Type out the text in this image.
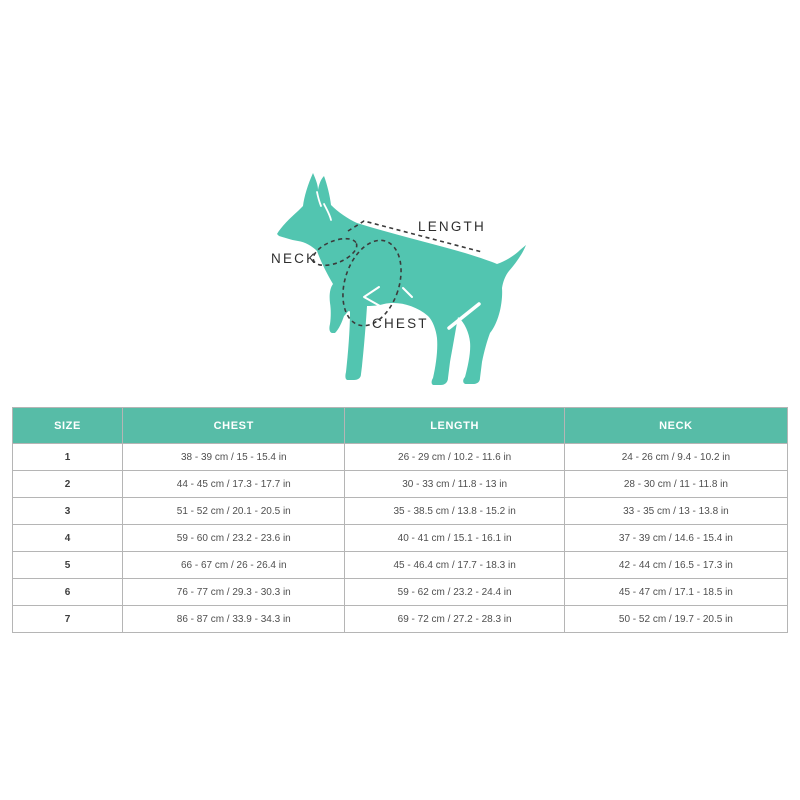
LENGTH
NECK
CHEST
SIZE	CHEST	LENGTH	NECK
1	38 - 39 cm / 15 - 15.4 in	26 - 29 cm / 10.2 - 11.6 in	24 - 26 cm / 9.4 - 10.2 in
2	44 - 45 cm / 17.3 - 17.7 in	30 - 33 cm / 11.8 - 13 in	28 - 30 cm / 11 - 11.8 in
3	51 - 52 cm / 20.1 - 20.5 in	35 - 38.5 cm / 13.8 - 15.2 in	33 - 35 cm / 13 - 13.8 in
4	59 - 60 cm / 23.2 - 23.6 in	40 - 41 cm / 15.1 - 16.1 in	37 - 39 cm / 14.6 - 15.4 in
5	66 - 67 cm / 26 - 26.4 in	45 - 46.4 cm / 17.7 - 18.3 in	42 - 44 cm / 16.5 - 17.3 in
6	76 - 77 cm / 29.3 - 30.3 in	59 - 62 cm / 23.2 - 24.4 in	45 - 47 cm / 17.1 - 18.5 in
7	86 - 87 cm / 33.9 - 34.3 in	69 - 72 cm / 27.2 - 28.3 in	50 - 52 cm / 19.7 - 20.5 in
